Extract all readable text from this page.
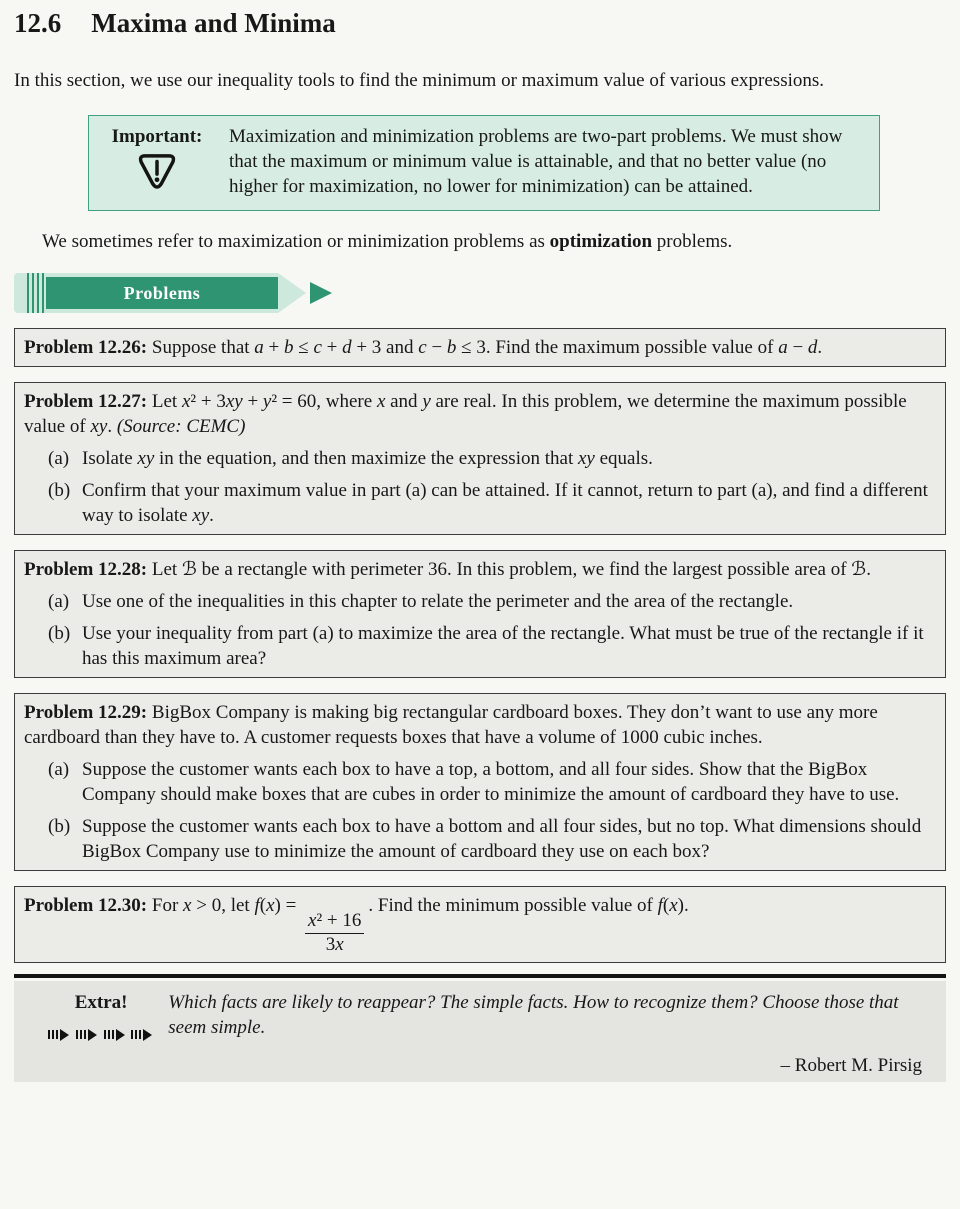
12.6 Maxima and Minima

In this section, we use our inequality tools to find the minimum or maximum value of various expressions.

Important:	Maximization and minimization problems are two-part problems. We must show that the maximum or minimum value is attainable, and that no better value (no higher for maximization, no lower for minimization) can be attained.

We sometimes refer to maximization or minimization problems as optimization problems.

Problems

Problem 12.26: Suppose that a + b ≤ c + d + 3 and c − b ≤ 3. Find the maximum possible value of a − d.

Problem 12.27: Let x² + 3xy + y² = 60, where x and y are real. In this problem, we determine the maximum possible value of xy. (Source: CEMC)

(a) Isolate xy in the equation, and then maximize the expression that xy equals.
(b) Confirm that your maximum value in part (a) can be attained. If it cannot, return to part (a), and find a different way to isolate xy.

Problem 12.28: Let ℬ be a rectangle with perimeter 36. In this problem, we find the largest possible area of ℬ.

(a) Use one of the inequalities in this chapter to relate the perimeter and the area of the rectangle.
(b) Use your inequality from part (a) to maximize the area of the rectangle. What must be true of the rectangle if it has this maximum area?

Problem 12.29: BigBox Company is making big rectangular cardboard boxes. They don’t want to use any more cardboard than they have to. A customer requests boxes that have a volume of 1000 cubic inches.

(a) Suppose the customer wants each box to have a top, a bottom, and all four sides. Show that the BigBox Company should make boxes that are cubes in order to minimize the amount of cardboard they have to use.
(b) Suppose the customer wants each box to have a bottom and all four sides, but no top. What dimensions should BigBox Company use to minimize the amount of cardboard they use on each box?

Problem 12.30: For x > 0, let f(x) =
$\frac{\text{x² + 16}}{3x}$
. Find the minimum possible value of f(x).

Extra!

	Which facts are likely to reappear? The simple facts. How to recognize them? Choose those that seem simple.
– Robert M. Pirsig
